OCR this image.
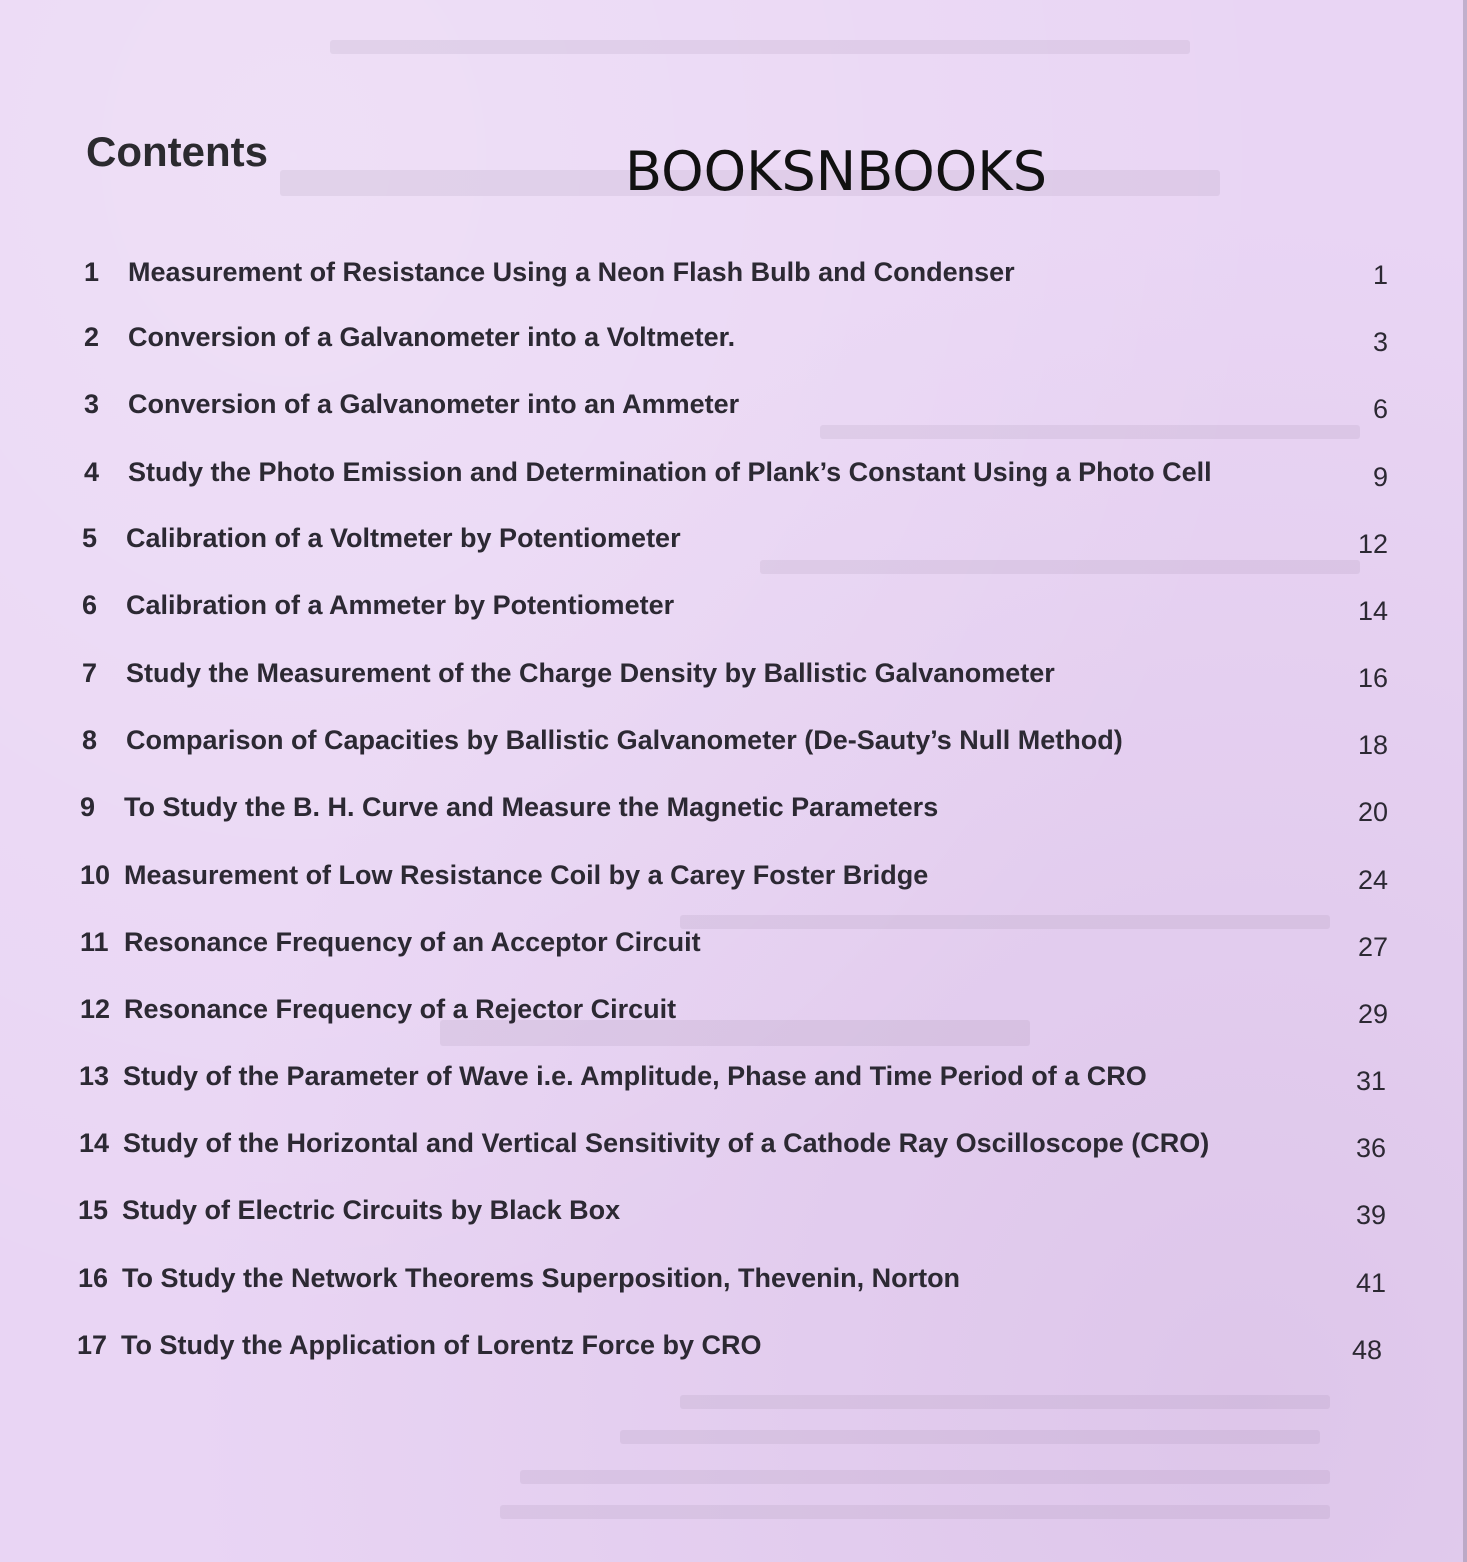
Contents	BOOKSNBOOKS
1	Measurement of Resistance Using a Neon Flash Bulb and Condenser	1
2	Conversion of a Galvanometer into a Voltmeter.	3
3	Conversion of a Galvanometer into an Ammeter	6
4	Study the Photo Emission and Determination of Plank’s Constant Using a Photo Cell	9
5	Calibration of a Voltmeter by Potentiometer	12
6	Calibration of a Ammeter by Potentiometer	14
7	Study the Measurement of the Charge Density by Ballistic Galvanometer	16
8	Comparison of Capacities by Ballistic Galvanometer (De-Sauty’s Null Method)	18
9	To Study the B. H. Curve and Measure the Magnetic Parameters	20
10 Measurement of Low Resistance Coil by a Carey Foster Bridge	24
11 Resonance Frequency of an Acceptor Circuit	27
12 Resonance Frequency of a Rejector Circuit	29
13 Study of the Parameter of Wave i.e. Amplitude, Phase and Time Period of a CRO	31
14 Study of the Horizontal and Vertical Sensitivity of a Cathode Ray Oscilloscope (CRO)	36
15 Study of Electric Circuits by Black Box	39
16 To Study the Network Theorems Superposition, Thevenin, Norton	41
17 To Study the Application of Lorentz Force by CRO	48
